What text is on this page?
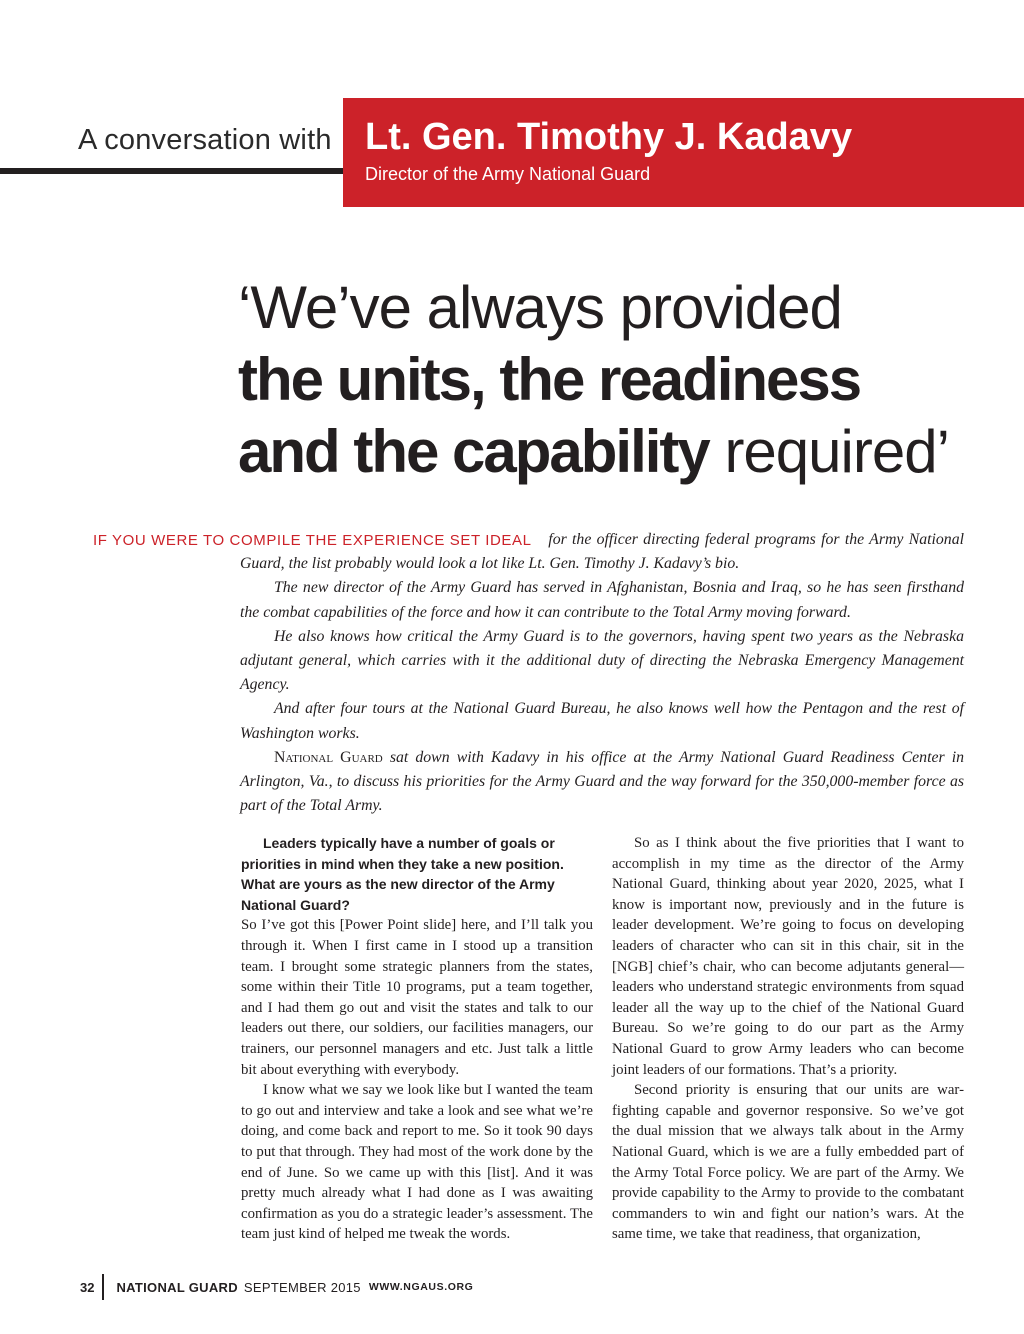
A conversation with Lt. Gen. Timothy J. Kadavy
Director of the Army National Guard
‘We’ve always provided
the units, the readiness
and the capability required’
IF YOU WERE TO COMPILE THE EXPERIENCE SET IDEAL for the officer directing federal programs for the Army National Guard, the list probably would look a lot like Lt. Gen. Timothy J. Kadavy’s bio.

The new director of the Army Guard has served in Afghanistan, Bosnia and Iraq, so he has seen firsthand the combat capabilities of the force and how it can contribute to the Total Army moving forward.

He also knows how critical the Army Guard is to the governors, having spent two years as the Nebraska adjutant general, which carries with it the additional duty of directing the Nebraska Emergency Management Agency.

And after four tours at the National Guard Bureau, he also knows well how the Pentagon and the rest of Washington works.

National Guard sat down with Kadavy in his office at the Army National Guard Readiness Center in Arlington, Va., to discuss his priorities for the Army Guard and the way forward for the 350,000-member force as part of the Total Army.

Leaders typically have a number of goals or priorities in mind when they take a new position. What are yours as the new director of the Army National Guard?

So I’ve got this [Power Point slide] here, and I’ll talk you through it. When I first came in I stood up a transition team. I brought some strategic planners from the states, some within their Title 10 programs, put a team together, and I had them go out and visit the states and talk to our leaders out there, our soldiers, our facilities managers, our trainers, our personnel managers and etc. Just talk a little bit about everything with everybody.

I know what we say we look like but I wanted the team to go out and interview and take a look and see what we’re doing, and come back and report to me. So it took 90 days to put that through. They had most of the work done by the end of June. So we came up with this [list]. And it was pretty much already what I had done as I was awaiting confirmation as you do a strategic leader’s assessment. The team just kind of helped me tweak the words.

So as I think about the five priorities that I want to accomplish in my time as the director of the Army National Guard, thinking about year 2020, 2025, what I know is important now, previously and in the future is leader development. We’re going to focus on developing leaders of character who can sit in this chair, sit in the [NGB] chief’s chair, who can become adjutants general—leaders who understand strategic environments from squad leader all the way up to the chief of the National Guard Bureau. So we’re going to do our part as the Army National Guard to grow Army leaders who can become joint leaders of our formations. That’s a priority.

Second priority is ensuring that our units are war-fighting capable and governor responsive. So we’ve got the dual mission that we always talk about in the Army National Guard, which is we are a fully embedded part of the Army Total Force policy. We are part of the Army. We provide capability to the Army to provide to the combatant commanders to win and fight our nation’s wars. At the same time, we take that readiness, that organization,

32 NATIONAL GUARD SEPTEMBER 2015 WWW.NGAUS.ORG
